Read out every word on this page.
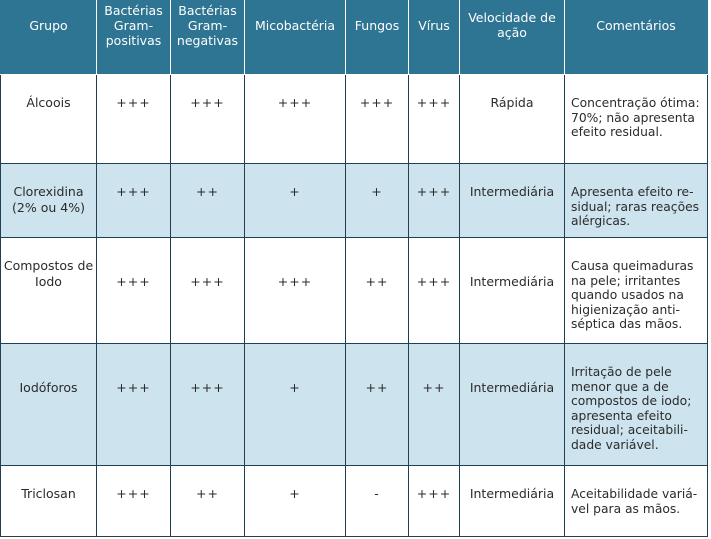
Grupo	Bactérias Gram-positivas	Bactérias Gram-negativas	Micobactéria	Fungos	Vírus	Velocidade de ação	Comentários

Álcoois	+++	+++	+++	+++	+++	Rápida	Concentração ótima: 70%; não apresenta efeito residual.

Clorexidina (2% ou 4%)	+++	++	+	+	+++	Intermediária	Apresenta efeito residual; raras reações alérgicas.

Compostos de Iodo	+++	+++	+++	++	+++	Intermediária	Causa queimaduras na pele; irritantes quando usados na higienização antiséptica das mãos.

Iodóforos	+++	+++	+	++	++	Intermediária	Irritação de pele menor que a de compostos de iodo; apresenta efeito residual; aceitabilidade variável.

Triclosan	+++	++	+	-	+++	Intermediária	Aceitabilidade variável para as mãos.
